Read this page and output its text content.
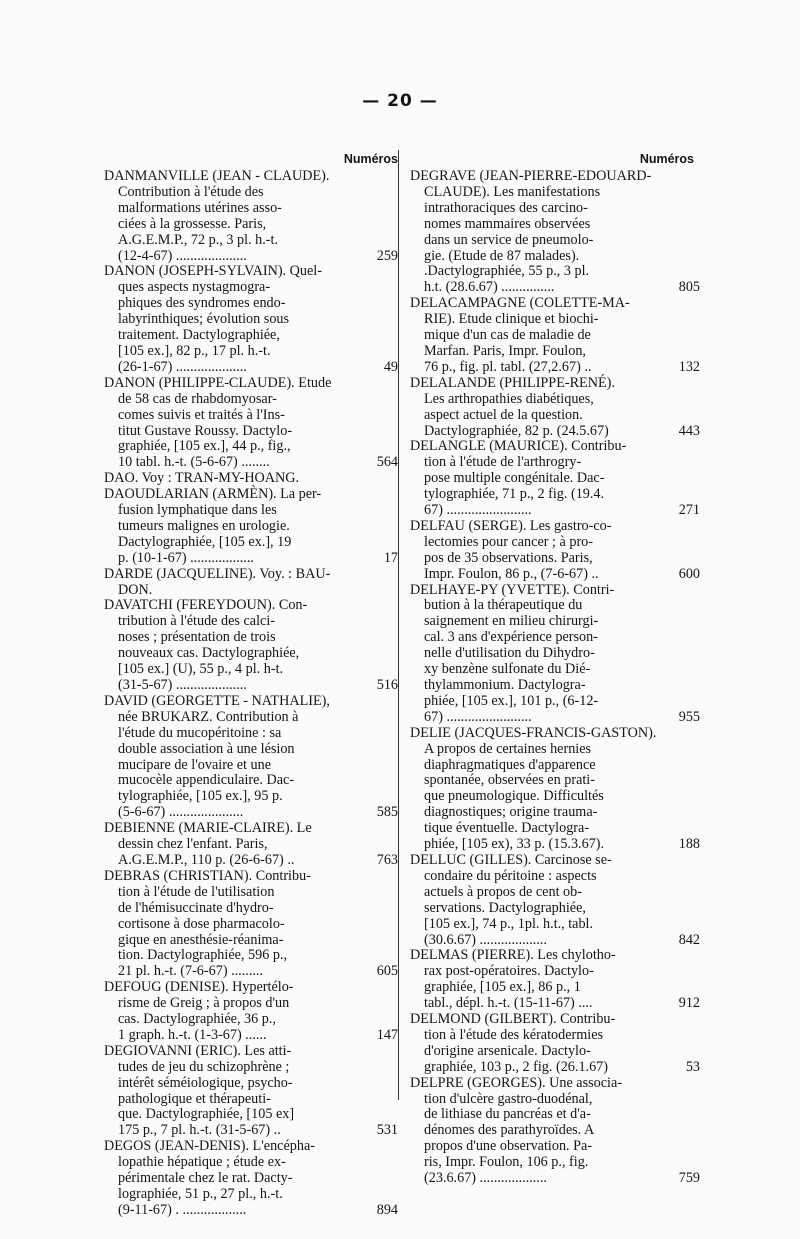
— 20 —
Numéros
DANMANVILLE (JEAN - CLAUDE).
Contribution à l'étude des
malformations utérines asso-
ciées à la grossesse. Paris,
A.G.E.M.P., 72 p., 3 pl. h.-t.
(12-4-67) ....................	259
DANON (JOSEPH-SYLVAIN). Quel-
ques aspects nystagmogra-
phiques des syndromes endo-
labyrinthiques; évolution sous
traitement. Dactylographiée,
[105 ex.], 82 p., 17 pl. h.-t.
(26-1-67) ....................	49
DANON (PHILIPPE-CLAUDE). Etude
de 58 cas de rhabdomyosar-
comes suivis et traités à l'Ins-
titut Gustave Roussy. Dactylo-
graphiée, [105 ex.], 44 p., fig.,
10 tabl. h.-t. (5-6-67) ........	564
DAO. Voy : TRAN-MY-HOANG.
DAOUDLARIAN (ARMÈN). La per-
fusion lymphatique dans les
tumeurs malignes en urologie.
Dactylographiée, [105 ex.], 19
p. (10-1-67) ..................	17
DARDE (JACQUELINE). Voy. : BAU-
DON.
DAVATCHI (FEREYDOUN). Con-
tribution à l'étude des calci-
noses ; présentation de trois
nouveaux cas. Dactylographiée,
[105 ex.] (U), 55 p., 4 pl. h-t.
(31-5-67) ....................	516
DAVID (GEORGETTE - NATHALIE),
née BRUKARZ. Contribution à
l'étude du mucopéritoine : sa
double association à une lésion
mucipare de l'ovaire et une
mucocèle appendiculaire. Dac-
tylographiée, [105 ex.], 95 p.
(5-6-67) .....................	585
DEBIENNE (MARIE-CLAIRE). Le
dessin chez l'enfant. Paris,
A.G.E.M.P., 110 p. (26-6-67) ..	763
DEBRAS (CHRISTIAN). Contribu-
tion à l'étude de l'utilisation
de l'hémisuccinate d'hydro-
cortisone à dose pharmacolo-
gique en anesthésie-réanima-
tion. Dactylographiée, 596 p.,
21 pl. h.-t. (7-6-67) .........	605
DEFOUG (DENISE). Hypertélo-
risme de Greig ; à propos d'un
cas. Dactylographiée, 36 p.,
1 graph. h.-t. (1-3-67) ......	147
DEGIOVANNI (ERIC). Les atti-
tudes de jeu du schizophrène ;
intérêt séméiologique, psycho-
pathologique et thérapeuti-
que. Dactylographiée, [105 ex]
175 p., 7 pl. h.-t. (31-5-67) ..	531
DEGOS (JEAN-DENIS). L'encépha-
lopathie hépatique ; étude ex-
périmentale chez le rat. Dacty-
lographiée, 51 p., 27 pl., h.-t.
(9-11-67) . ..................	894
Numéros
DEGRAVE (JEAN-PIERRE-EDOUARD-
CLAUDE). Les manifestations
intrathoraciques des carcino-
nomes mammaires observées
dans un service de pneumolo-
gie. (Etude de 87 malades).
.Dactylographiée, 55 p., 3 pl.
h.t. (28.6.67) ...............	805
DELACAMPAGNE (COLETTE-MA-
RIE). Etude clinique et biochi-
mique d'un cas de maladie de
Marfan. Paris, Impr. Foulon,
76 p., fig. pl. tabl. (27,2.67) ..	132
DELALANDE (PHILIPPE-RENÉ).
Les arthropathies diabétiques,
aspect actuel de la question.
Dactylographiée, 82 p. (24.5.67)	443
DELANGLE (MAURICE). Contribu-
tion à l'étude de l'arthrogry-
pose multiple congénitale. Dac-
tylographiée, 71 p., 2 fig. (19.4.
67) ........................	271
DELFAU (SERGE). Les gastro-co-
lectomies pour cancer ; à pro-
pos de 35 observations. Paris,
Impr. Foulon, 86 p., (7-6-67) ..	600
DELHAYE-PY (YVETTE). Contri-
bution à la thérapeutique du
saignement en milieu chirurgi-
cal. 3 ans d'expérience person-
nelle d'utilisation du Dihydro-
xy benzène sulfonate du Dié-
thylammonium. Dactylogra-
phiée, [105 ex.], 101 p., (6-12-
67) ........................	955
DELIE (JACQUES-FRANCIS-GASTON).
A propos de certaines hernies
diaphragmatiques d'apparence
spontanée, observées en prati-
que pneumologique. Difficultés
diagnostiques; origine trauma-
tique éventuelle. Dactylogra-
phiée, [105 ex), 33 p. (15.3.67).	188
DELLUC (GILLES). Carcinose se-
condaire du péritoine : aspects
actuels à propos de cent ob-
servations. Dactylographiée,
[105 ex.], 74 p., 1pl. h.t., tabl.
(30.6.67) ...................	842
DELMAS (PIERRE). Les chylotho-
rax post-opératoires. Dactylo-
graphiée, [105 ex.], 86 p., 1
tabl., dépl. h.-t. (15-11-67) ....	912
DELMOND (GILBERT). Contribu-
tion à l'étude des kératodermies
d'origine arsenicale. Dactylo-
graphiée, 103 p., 2 fig. (26.1.67)	53
DELPRE (GEORGES). Une associa-
tion d'ulcère gastro-duodénal,
de lithiase du pancréas et d'a-
dénomes des parathyroïdes. A
propos d'une observation. Pa-
ris, Impr. Foulon, 106 p., fig.
(23.6.67) ...................	759
